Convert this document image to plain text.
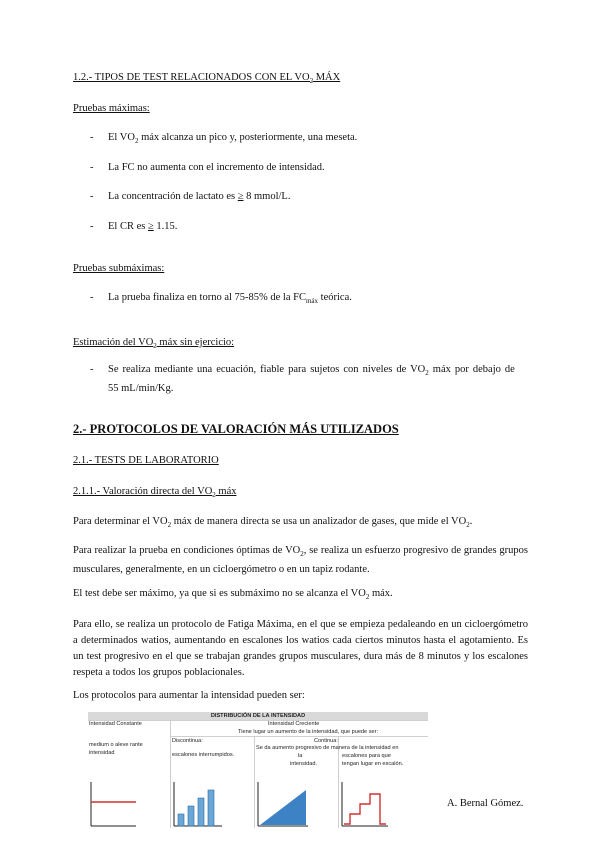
1.2.- TIPOS DE TEST RELACIONADOS CON EL $VO_2$ MÁX
Pruebas máximas:
- El $VO_2$ máx alcanza un pico y, posteriormente, una meseta.
- La FC no aumenta con el incremento de intensidad.
- La concentración de lactato es ≥ 8 mmol/L.
- El CR es ≥ 1.15.
Pruebas submáximas:
- La prueba finaliza en torno al 75-85% de la $FC_{máx}$ teórica.
Estimación del $VO_2$ máx sin ejercicio:
- Se realiza mediante una ecuación, fiable para sujetos con niveles de $VO_2$ máx por debajo de
55 mL/min/Kg.
2.- PROTOCOLOS DE VALORACIÓN MÁS UTILIZADOS
2.1.- TESTS DE LABORATORIO
2.1.1.- Valoración directa del $VO_2$ máx
Para determinar el $VO_2$ máx de manera directa se usa un analizador de gases, que mide el $VO_2$.
Para realizar la prueba en condiciones óptimas de $VO_2$, se realiza un esfuerzo progresivo de grandes grupos musculares, generalmente, en un cicloergómetro o en un tapiz rodante.
El test debe ser máximo, ya que si es submáximo no se alcanza el $VO_2$ máx.
Para ello, se realiza un protocolo de Fatiga Máxima, en el que se empieza pedaleando en un cicloergómetro a determinados watios, aumentando en escalones los watios cada ciertos minutos hasta el agotamiento. Es un test progresivo en el que se trabajan grandes grupos musculares, dura más de 8 minutos y los escalones respeta a todos los grupos poblacionales.
Los protocolos para aumentar la intensidad pueden ser:
DISTRIBUCIÓN DE LA INTENSIDAD
Intensidad Constante	Intensidad Creciente
Tiene lugar un aumento de la intensidad, que puede ser:
Discontinua:	Continua:
medium o aleve rante
intensidad	escalones interrumpidos.
Se da aumento progresivo de manera de la intensidad en
la
intensidad.
escalones para que
tengan lugar en escalón.
A. Bernal Gómez.
